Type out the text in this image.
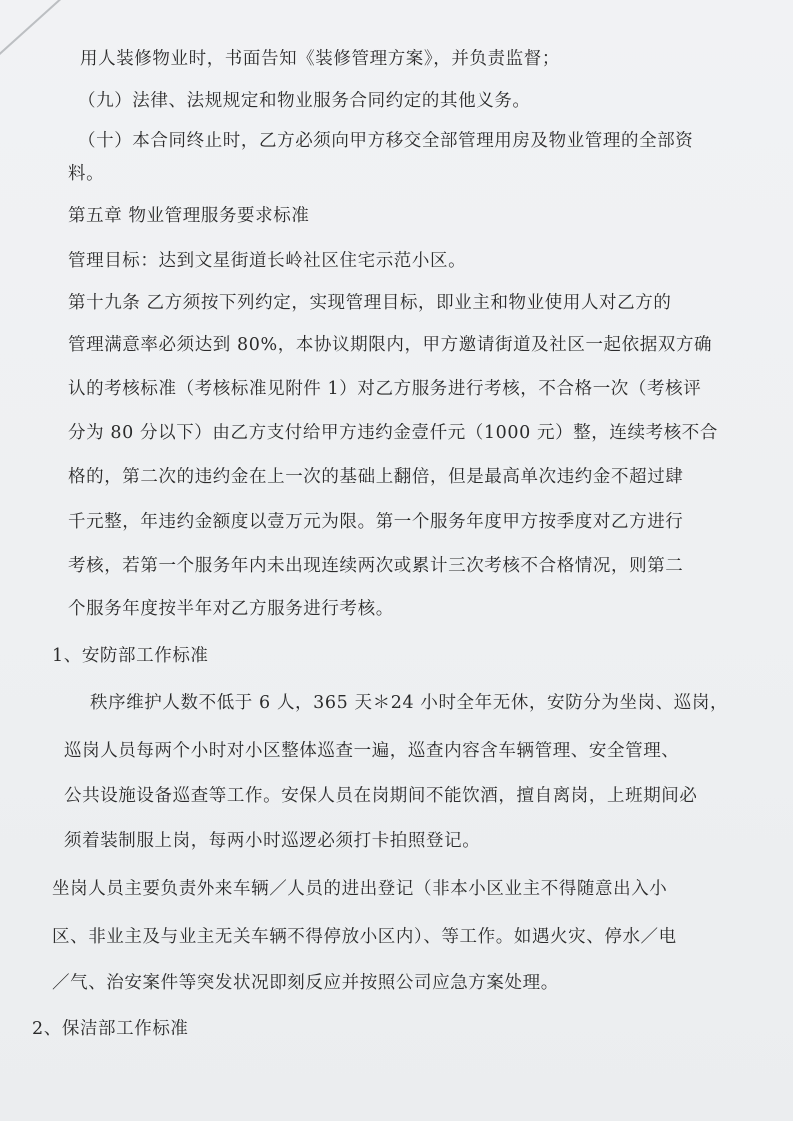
用人装修物业时，书面告知《装修管理方案》，并负责监督；
（九）法律、法规规定和物业服务合同约定的其他义务。
（十）本合同终止时，乙方必须向甲方移交全部管理用房及物业管理的全部资
料。
第五章 物业管理服务要求标准
管理目标：达到文星街道长岭社区住宅示范小区。
第十九条 乙方须按下列约定，实现管理目标，即业主和物业使用人对乙方的
管理满意率必须达到 80%，本协议期限内，甲方邀请街道及社区一起依据双方确
认的考核标准（考核标准见附件 1）对乙方服务进行考核，不合格一次（考核评
分为 80 分以下）由乙方支付给甲方违约金壹仟元（1000 元）整，连续考核不合
格的，第二次的违约金在上一次的基础上翻倍，但是最高单次违约金不超过肆
千元整，年违约金额度以壹万元为限。第一个服务年度甲方按季度对乙方进行
考核，若第一个服务年内未出现连续两次或累计三次考核不合格情况，则第二
个服务年度按半年对乙方服务进行考核。
1、安防部工作标准
秩序维护人数不低于 6 人，365 天＊24 小时全年无休，安防分为坐岗、巡岗，
巡岗人员每两个小时对小区整体巡查一遍，巡查内容含车辆管理、安全管理、
公共设施设备巡查等工作。安保人员在岗期间不能饮酒，擅自离岗，上班期间必
须着装制服上岗，每两小时巡逻必须打卡拍照登记。
坐岗人员主要负责外来车辆／人员的进出登记（非本小区业主不得随意出入小
区、非业主及与业主无关车辆不得停放小区内）、等工作。如遇火灾、停水／电
／气、治安案件等突发状况即刻反应并按照公司应急方案处理。
2、保洁部工作标准
